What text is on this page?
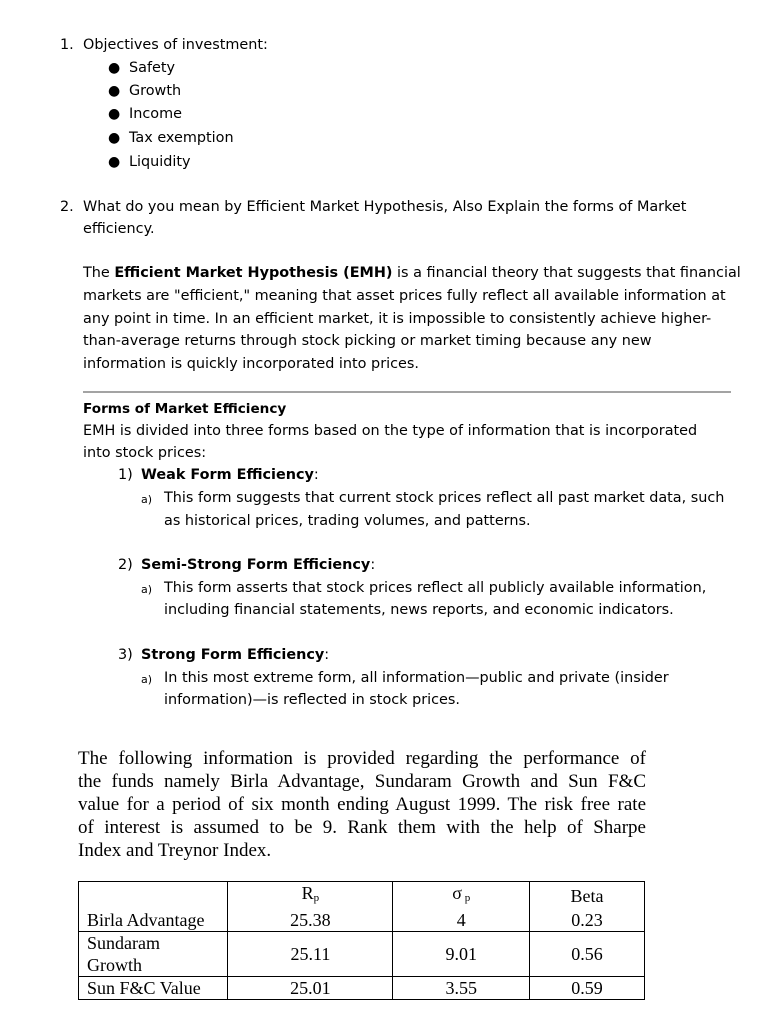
1. Objectives of investment:
● Safety
● Growth
● Income
● Tax exemption
● Liquidity
2. What do you mean by Efficient Market Hypothesis, Also Explain the forms of Market
efficiency.
The Efficient Market Hypothesis (EMH) is a financial theory that suggests that financial
markets are "efficient," meaning that asset prices fully reflect all available information at
any point in time. In an efficient market, it is impossible to consistently achieve higher-
than-average returns through stock picking or market timing because any new
information is quickly incorporated into prices.
Forms of Market Efficiency
EMH is divided into three forms based on the type of information that is incorporated
into stock prices:
1) Weak Form Efficiency:
a) This form suggests that current stock prices reflect all past market data, such
as historical prices, trading volumes, and patterns.
2) Semi-Strong Form Efficiency:
a) This form asserts that stock prices reflect all publicly available information,
including financial statements, news reports, and economic indicators.
3) Strong Form Efficiency:
a) In this most extreme form, all information—public and private (insider
information)—is reflected in stock prices.
The following information is provided regarding the performance of
the funds namely Birla Advantage, Sundaram Growth and Sun F&C
value for a period of six month ending August 1999. The risk free rate
of interest is assumed to be 9. Rank them with the help of Sharpe
Index and Treynor Index.
	Rp	σ p	Beta
Birla Advantage	25.38	4	0.23
Sundaram Growth	25.11	9.01	0.56
Sun F&C Value	25.01	3.55	0.59
